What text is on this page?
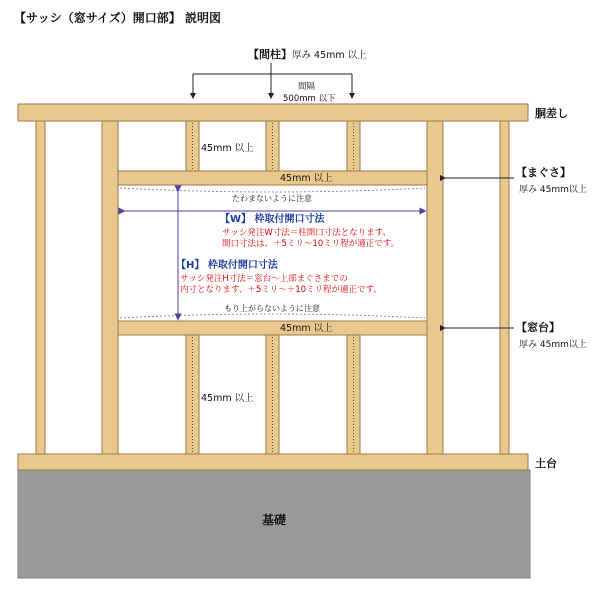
【サッシ（窓サイズ）開口部】 説明図
【間柱】 厚み 45mm 以上
間隔
500mm 以下
基礎
胴差し
【まぐさ】
厚み 45mm以上
【窓台】
厚み 45mm以上
土台
45mm 以上
45mm 以上
45mm 以上
45mm 以上
たわまないように注意
もり上がらないように注意
【W】 枠取付開口寸法
サッシ発注W寸法＝柱開口寸法となります、
開口寸法は、＋5ミリ～10ミリ程が適正です。
【H】 枠取付開口寸法
サッシ発注H寸法＝窓台～上部まぐさまでの
内寸となります、＋5ミリ～＋10ミリ程が適正です。
